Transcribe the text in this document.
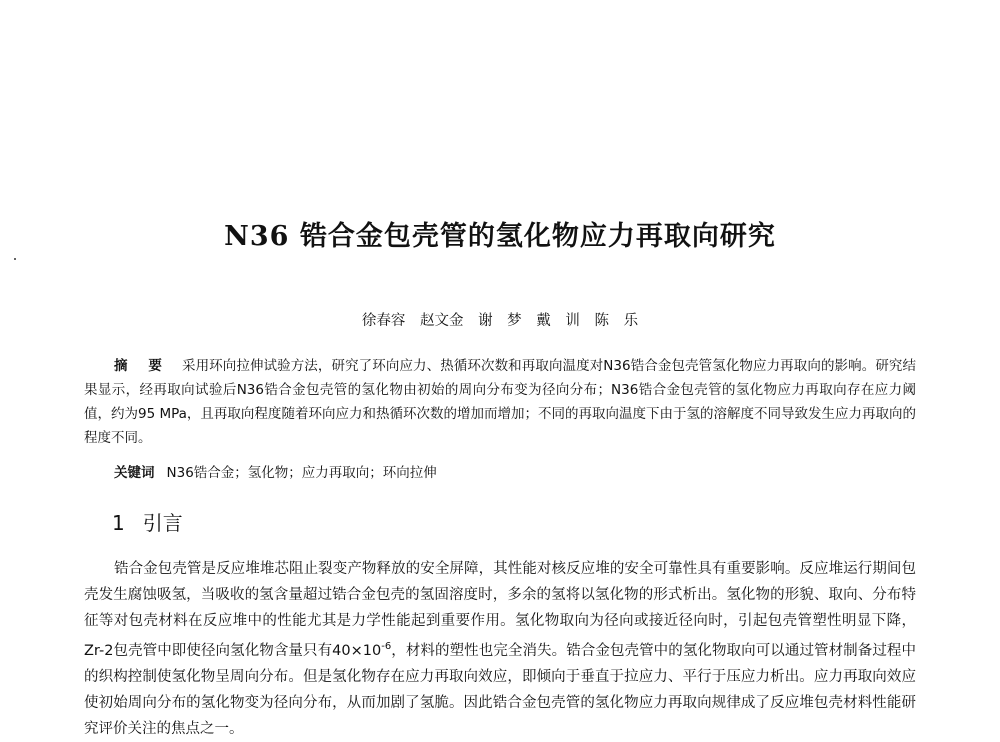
N36 锆合金包壳管的氢化物应力再取向研究
徐春容 赵文金 谢 梦 戴 训 陈 乐
摘 要 采用环向拉伸试验方法，研究了环向应力、热循环次数和再取向温度对N36锆合金包壳管氢化物应力再取向的影响。研究结果显示，经再取向试验后N36锆合金包壳管的氢化物由初始的周向分布变为径向分布；N36锆合金包壳管的氢化物应力再取向存在应力阈值，约为95 MPa，且再取向程度随着环向应力和热循环次数的增加而增加；不同的再取向温度下由于氢的溶解度不同导致发生应力再取向的程度不同。
关键词 N36锆合金；氢化物；应力再取向；环向拉伸
1 引言
锆合金包壳管是反应堆堆芯阻止裂变产物释放的安全屏障，其性能对核反应堆的安全可靠性具有重要影响。反应堆运行期间包壳发生腐蚀吸氢，当吸收的氢含量超过锆合金包壳的氢固溶度时，多余的氢将以氢化物的形式析出。氢化物的形貌、取向、分布特征等对包壳材料在反应堆中的性能尤其是力学性能起到重要作用。氢化物取向为径向或接近径向时，引起包壳管塑性明显下降，Zr-2包壳管中即使径向氢化物含量只有$40\times 10^{-6}$，材料的塑性也完全消失。锆合金包壳管中的氢化物取向可以通过管材制备过程中的织构控制使氢化物呈周向分布。但是氢化物存在应力再取向效应，即倾向于垂直于拉应力、平行于压应力析出。应力再取向效应使初始周向分布的氢化物变为径向分布，从而加剧了氢脆。因此锆合金包壳管的氢化物应力再取向规律成了反应堆包壳材料性能研究评价关注的焦点之一。
